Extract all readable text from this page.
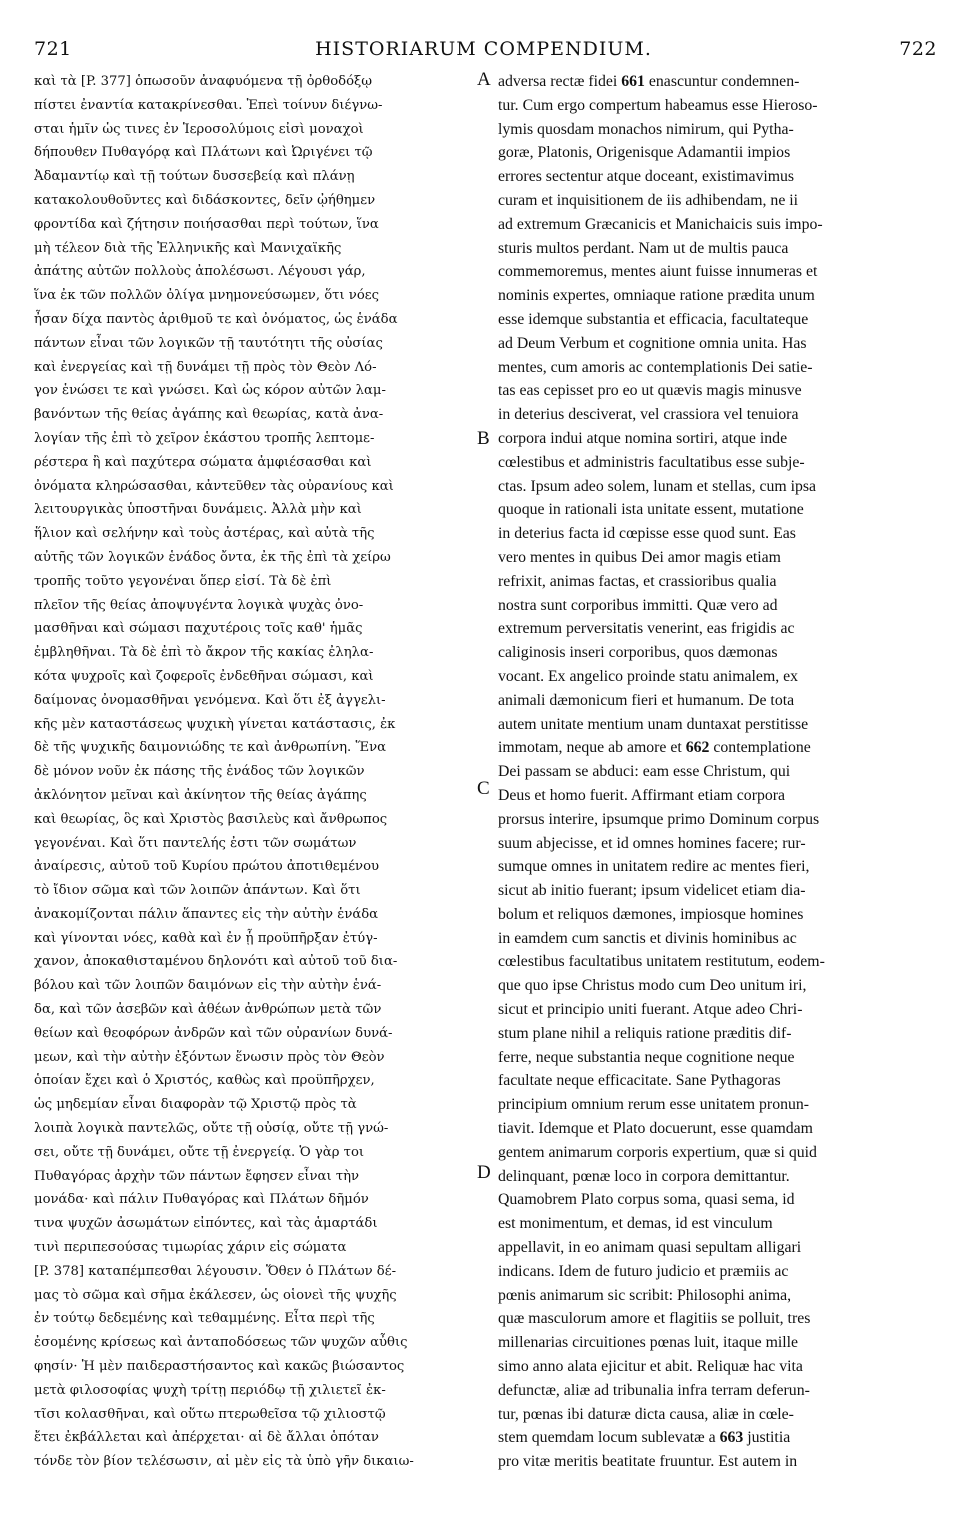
721	HISTORIARUM COMPENDIUM.	722
καὶ τὰ [P. 377] ὁπωσοῦν ἀναφυόμενα τῇ ὀρθοδόξῳ
πίστει ἐναντία κατακρίνεσθαι. Ἐπεὶ τοίνυν διέγνω-
σται ἡμῖν ὡς τινες ἐν Ἱεροσολύμοις εἰσὶ μοναχοὶ
δήπουθεν Πυθαγόρᾳ καὶ Πλάτωνι καὶ Ὠριγένει τῷ
Ἀδαμαντίῳ καὶ τῇ τούτων δυσσεβείᾳ καὶ πλάνῃ
κατακολουθοῦντες καὶ διδάσκοντες, δεῖν ᾠήθημεν
φροντίδα καὶ ζήτησιν ποιήσασθαι περὶ τούτων, ἵνα
μὴ τέλεον διὰ τῆς Ἑλληνικῆς καὶ Μανιχαϊκῆς
ἀπάτης αὐτῶν πολλοὺς ἀπολέσωσι. Λέγουσι γάρ,
ἵνα ἐκ τῶν πολλῶν ὀλίγα μνημονεύσωμεν, ὅτι νόες
ἦσαν δίχα παντὸς ἀριθμοῦ τε καὶ ὀνόματος, ὡς ἑνάδα
πάντων εἶναι τῶν λογικῶν τῇ ταυτότητι τῆς οὐσίας
καὶ ἐνεργείας καὶ τῇ δυνάμει τῇ πρὸς τὸν Θεὸν Λό-
γον ἑνώσει τε καὶ γνώσει. Καὶ ὡς κόρον αὐτῶν λαμ-
βανόντων τῆς θείας ἀγάπης καὶ θεωρίας, κατὰ ἀνα-
λογίαν τῆς ἐπὶ τὸ χεῖρον ἑκάστου τροπῆς λεπτομε-
ρέστερα ἢ καὶ παχύτερα σώματα ἀμφιέσασθαι καὶ
ὀνόματα κληρώσασθαι, κἀντεῦθεν τὰς οὐρανίους καὶ
λειτουργικὰς ὑποστῆναι δυνάμεις. Ἀλλὰ μὴν καὶ
ἥλιον καὶ σελήνην καὶ τοὺς ἀστέρας, καὶ αὐτὰ τῆς
αὐτῆς τῶν λογικῶν ἑνάδος ὄντα, ἐκ τῆς ἐπὶ τὰ χείρω
τροπῆς τοῦτο γεγονέναι ὅπερ εἰσί. Τὰ δὲ ἐπὶ
πλεῖον τῆς θείας ἀποψυγέντα λογικὰ ψυχὰς ὀνο-
μασθῆναι καὶ σώμασι παχυτέροις τοῖς καθ' ἡμᾶς
ἐμβληθῆναι. Τὰ δὲ ἐπὶ τὸ ἄκρον τῆς κακίας ἐληλα-
κότα ψυχροῖς καὶ ζοφεροῖς ἐνδεθῆναι σώμασι, καὶ
δαίμονας ὀνομασθῆναι γενόμενα. Καὶ ὅτι ἐξ ἀγγελι-
κῆς μὲν καταστάσεως ψυχικὴ γίνεται κατάστασις, ἐκ
δὲ τῆς ψυχικῆς δαιμονιώδης τε καὶ ἀνθρωπίνη. Ἕνα
δὲ μόνον νοῦν ἐκ πάσης τῆς ἑνάδος τῶν λογικῶν
ἀκλόνητον μεῖναι καὶ ἀκίνητον τῆς θείας ἀγάπης
καὶ θεωρίας, ὃς καὶ Χριστὸς βασιλεὺς καὶ ἄνθρωπος
γεγονέναι. Καὶ ὅτι παντελής ἐστι τῶν σωμάτων
ἀναίρεσις, αὐτοῦ τοῦ Κυρίου πρώτου ἀποτιθεμένου
τὸ ἴδιον σῶμα καὶ τῶν λοιπῶν ἁπάντων. Καὶ ὅτι
ἀνακομίζονται πάλιν ἅπαντες εἰς τὴν αὐτὴν ἑνάδα
καὶ γίνονται νόες, καθὰ καὶ ἐν ᾗ προϋπῆρξαν ἐτύγ-
χανον, ἀποκαθισταμένου δηλονότι καὶ αὐτοῦ τοῦ δια-
βόλου καὶ τῶν λοιπῶν δαιμόνων εἰς τὴν αὐτὴν ἑνά-
δα, καὶ τῶν ἀσεβῶν καὶ ἀθέων ἀνθρώπων μετὰ τῶν
θείων καὶ θεοφόρων ἀνδρῶν καὶ τῶν οὐρανίων δυνά-
μεων, καὶ τὴν αὐτὴν ἐξόντων ἕνωσιν πρὸς τὸν Θεὸν
ὁποίαν ἔχει καὶ ὁ Χριστός, καθὼς καὶ προϋπῆρχεν,
ὡς μηδεμίαν εἶναι διαφορὰν τῷ Χριστῷ πρὸς τὰ
λοιπὰ λογικὰ παντελῶς, οὔτε τῇ οὐσίᾳ, οὔτε τῇ γνώ-
σει, οὔτε τῇ δυνάμει, οὔτε τῇ ἐνεργείᾳ. Ὁ γὰρ τοι
Πυθαγόρας ἀρχὴν τῶν πάντων ἔφησεν εἶναι τὴν
μονάδα· καὶ πάλιν Πυθαγόρας καὶ Πλάτων δῆμόν
τινα ψυχῶν ἀσωμάτων εἰπόντες, καὶ τὰς ἁμαρτάδι
τινὶ περιπεσούσας τιμωρίας χάριν εἰς σώματα
[P. 378] καταπέμπεσθαι λέγουσιν. Ὅθεν ὁ Πλάτων δέ-
μας τὸ σῶμα καὶ σῆμα ἐκάλεσεν, ὡς οἱονεὶ τῆς ψυχῆς
ἐν τούτῳ δεδεμένης καὶ τεθαμμένης. Εἶτα περὶ τῆς
ἐσομένης κρίσεως καὶ ἀνταποδόσεως τῶν ψυχῶν αὖθις
φησίν· Ἡ μὲν παιδεραστήσαντος καὶ κακῶς βιώσαντος
μετὰ φιλοσοφίας ψυχὴ τρίτῃ περιόδῳ τῇ χιλιετεῖ ἐκ-
τῖσι κολασθῆναι, καὶ οὕτω πτερωθεῖσα τῷ χιλιοστῷ
ἔτει ἐκβάλλεται καὶ ἀπέρχεται· αἱ δὲ ἄλλαι ὁπόταν
τόνδε τὸν βίον τελέσωσιν, αἱ μὲν εἰς τὰ ὑπὸ γῆν δικαιω-
A
B
C
D
adversa rectæ fidei 661 enascuntur condemnen-
tur. Cum ergo compertum habeamus esse Hieroso-
lymis quosdam monachos nimirum, qui Pytha-
goræ, Platonis, Origenisque Adamantii impios
errores sectentur atque doceant, existimavimus
curam et inquisitionem de iis adhibendam, ne ii
ad extremum Græcanicis et Manichaicis suis impo-
sturis multos perdant. Nam ut de multis pauca
commemoremus, mentes aiunt fuisse innumeras et
nominis expertes, omniaque ratione prædita unum
esse idemque substantia et efficacia, facultateque
ad Deum Verbum et cognitione omnia unita. Has
mentes, cum amoris ac contemplationis Dei satie-
tas eas cepisset pro eo ut quævis magis minusve
in deterius desciverat, vel crassiora vel tenuiora
corpora indui atque nomina sortiri, atque inde
cœlestibus et administris facultatibus esse subje-
ctas. Ipsum adeo solem, lunam et stellas, cum ipsa
quoque in rationali ista unitate essent, mutatione
in deterius facta id cœpisse esse quod sunt. Eas
vero mentes in quibus Dei amor magis etiam
refrixit, animas factas, et crassioribus qualia
nostra sunt corporibus immitti. Quæ vero ad
extremum perversitatis venerint, eas frigidis ac
caliginosis inseri corporibus, quos dæmonas
vocant. Ex angelico proinde statu animalem, ex
animali dæmonicum fieri et humanum. De tota
autem unitate mentium unam duntaxat perstitisse
immotam, neque ab amore et 662 contemplatione
Dei passam se abduci: eam esse Christum, qui
Deus et homo fuerit. Affirmant etiam corpora
prorsus interire, ipsumque primo Dominum corpus
suum abjecisse, et id omnes homines facere; rur-
sumque omnes in unitatem redire ac mentes fieri,
sicut ab initio fuerant; ipsum videlicet etiam dia-
bolum et reliquos dæmones, impiosque homines
in eamdem cum sanctis et divinis hominibus ac
cœlestibus facultatibus unitatem restitutum, eodem-
que quo ipse Christus modo cum Deo unitum iri,
sicut et principio uniti fuerant. Atque adeo Chri-
stum plane nihil a reliquis ratione præditis dif-
ferre, neque substantia neque cognitione neque
facultate neque efficacitate. Sane Pythagoras
principium omnium rerum esse unitatem pronun-
tiavit. Idemque et Plato docuerunt, esse quamdam
gentem animarum corporis expertium, quæ si quid
delinquant, pœnæ loco in corpora demittantur.
Quamobrem Plato corpus soma, quasi sema, id
est monimentum, et demas, id est vinculum
appellavit, in eo animam quasi sepultam alligari
indicans. Idem de futuro judicio et præmiis ac
pœnis animarum sic scribit: Philosophi anima,
quæ masculorum amore et flagitiis se polluit, tres
millenarias circuitiones pœnas luit, itaque mille
simo anno alata ejicitur et abit. Reliquæ hac vita
defunctæ, aliæ ad tribunalia infra terram deferun-
tur, pœnas ibi daturæ dicta causa, aliæ in cœle-
stem quemdam locum sublevatæ a 663 justitia
pro vitæ meritis beatitate fruuntur. Est autem in
